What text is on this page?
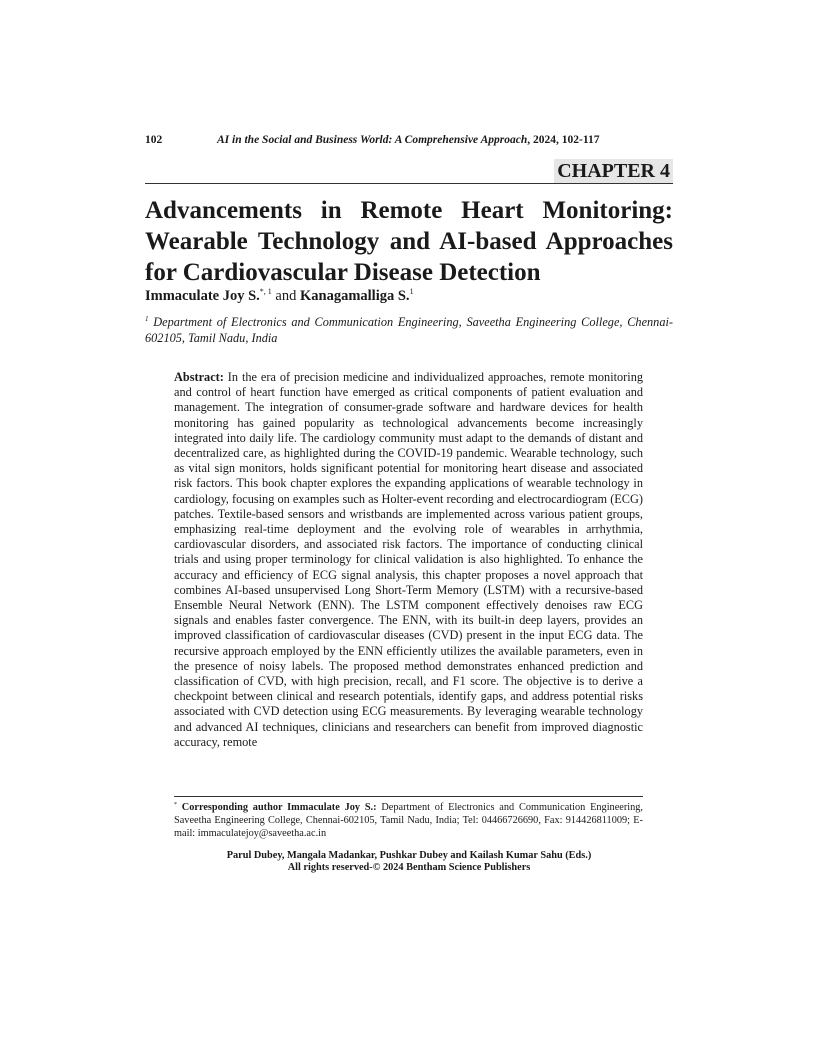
102	AI in the Social and Business World: A Comprehensive Approach, 2024, 102-117
CHAPTER 4
Advancements in Remote Heart Monitoring: Wearable Technology and AI-based Approaches for Cardiovascular Disease Detection
Immaculate Joy S.$^{*, 1}$ and Kanagamalliga S.$^1$
$^1$ Department of Electronics and Communication Engineering, Saveetha Engineering College, Chennai-602105, Tamil Nadu, India

Abstract: In the era of precision medicine and individualized approaches, remote monitoring and control of heart function have emerged as critical components of patient evaluation and management. The integration of consumer-grade software and hardware devices for health monitoring has gained popularity as technological advancements become increasingly integrated into daily life. The cardiology community must adapt to the demands of distant and decentralized care, as highlighted during the COVID-19 pandemic. Wearable technology, such as vital sign monitors, holds significant potential for monitoring heart disease and associated risk factors. This book chapter explores the expanding applications of wearable technology in cardiology, focusing on examples such as Holter-event recording and electrocardiogram (ECG) patches. Textile-based sensors and wristbands are implemented across various patient groups, emphasizing real-time deployment and the evolving role of wearables in arrhythmia, cardiovascular disorders, and associated risk factors. The importance of conducting clinical trials and using proper terminology for clinical validation is also highlighted. To enhance the accuracy and efficiency of ECG signal analysis, this chapter proposes a novel approach that combines AI-based unsupervised Long Short-Term Memory (LSTM) with a recursive-based Ensemble Neural Network (ENN). The LSTM component effectively denoises raw ECG signals and enables faster convergence. The ENN, with its built-in deep layers, provides an improved classification of cardiovascular diseases (CVD) present in the input ECG data. The recursive approach employed by the ENN efficiently utilizes the available parameters, even in the presence of noisy labels. The proposed method demonstrates enhanced prediction and classification of CVD, with high precision, recall, and F1 score. The objective is to derive a checkpoint between clinical and research potentials, identify gaps, and address potential risks associated with CVD detection using ECG measurements. By leveraging wearable technology and advanced AI techniques, clinicians and researchers can benefit from improved diagnostic accuracy, remote

* Corresponding author Immaculate Joy S.: Department of Electronics and Communication Engineering, Saveetha Engineering College, Chennai-602105, Tamil Nadu, India; Tel: 04466726690, Fax: 914426811009; E-mail: immaculatejoy@saveetha.ac.in

Parul Dubey, Mangala Madankar, Pushkar Dubey and Kailash Kumar Sahu (Eds.)
All rights reserved-© 2024 Bentham Science Publishers
